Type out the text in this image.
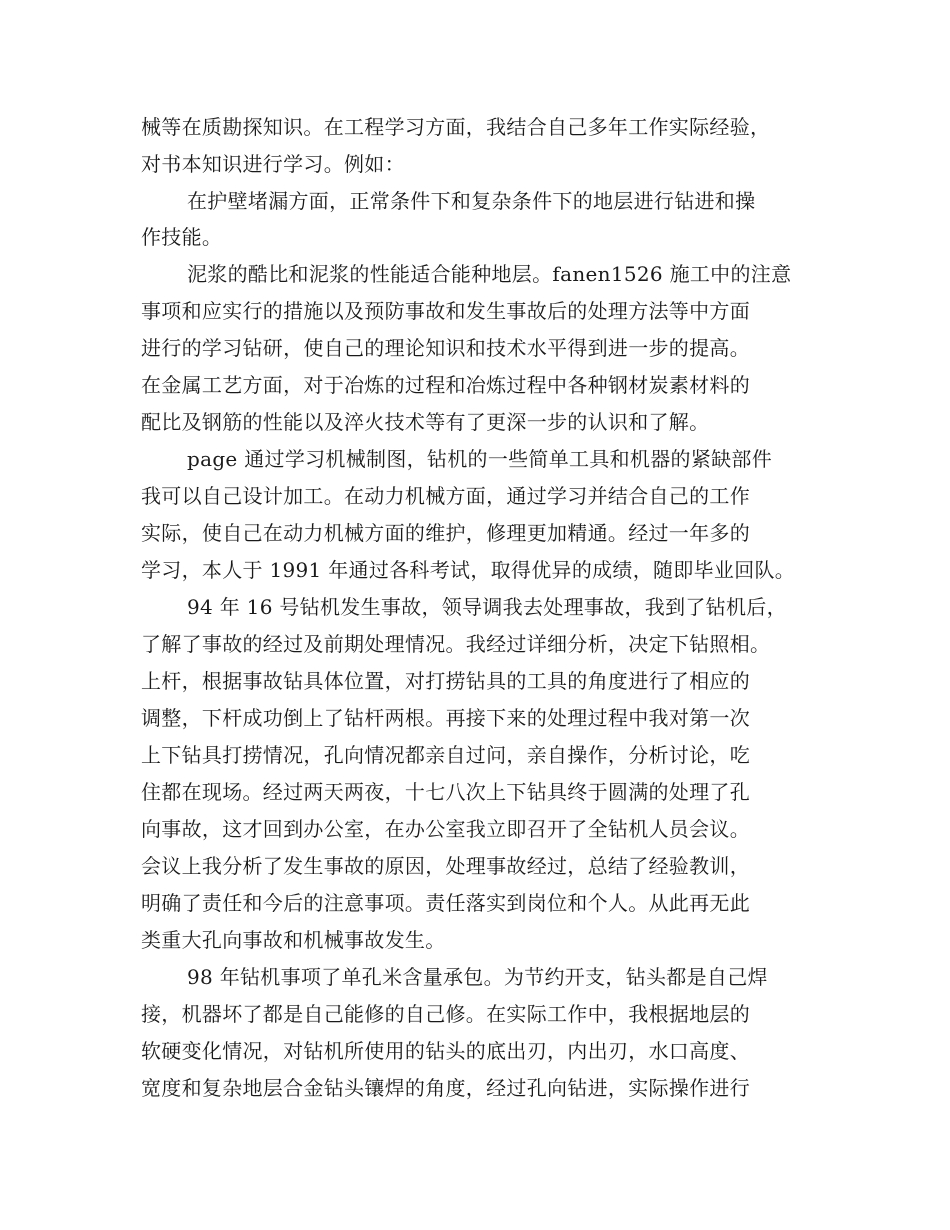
械等在质勘探知识。在工程学习方面，我结合自己多年工作实际经验，
对书本知识进行学习。例如：
在护壁堵漏方面，正常条件下和复杂条件下的地层进行钻进和操
作技能。
泥浆的酷比和泥浆的性能适合能种地层。fanen1526 施工中的注意
事项和应实行的措施以及预防事故和发生事故后的处理方法等中方面
进行的学习钻研，使自己的理论知识和技术水平得到进一步的提高。
在金属工艺方面，对于冶炼的过程和冶炼过程中各种钢材炭素材料的
配比及钢筋的性能以及淬火技术等有了更深一步的认识和了解。
page 通过学习机械制图，钻机的一些简单工具和机器的紧缺部件
我可以自己设计加工。在动力机械方面，通过学习并结合自己的工作
实际，使自己在动力机械方面的维护，修理更加精通。经过一年多的
学习，本人于 1991 年通过各科考试，取得优异的成绩，随即毕业回队。
94 年 16 号钻机发生事故，领导调我去处理事故，我到了钻机后，
了解了事故的经过及前期处理情况。我经过详细分析，决定下钻照相。
上杆，根据事故钻具体位置，对打捞钻具的工具的角度进行了相应的
调整，下杆成功倒上了钻杆两根。再接下来的处理过程中我对第一次
上下钻具打捞情况，孔向情况都亲自过问，亲自操作，分析讨论，吃
住都在现场。经过两天两夜，十七八次上下钻具终于圆满的处理了孔
向事故，这才回到办公室，在办公室我立即召开了全钻机人员会议。
会议上我分析了发生事故的原因，处理事故经过，总结了经验教训，
明确了责任和今后的注意事项。责任落实到岗位和个人。从此再无此
类重大孔向事故和机械事故发生。
98 年钻机事项了单孔米含量承包。为节约开支，钻头都是自己焊
接，机器坏了都是自己能修的自己修。在实际工作中，我根据地层的
软硬变化情况，对钻机所使用的钻头的底出刃，内出刃，水口高度、
宽度和复杂地层合金钻头镶焊的角度，经过孔向钻进，实际操作进行
